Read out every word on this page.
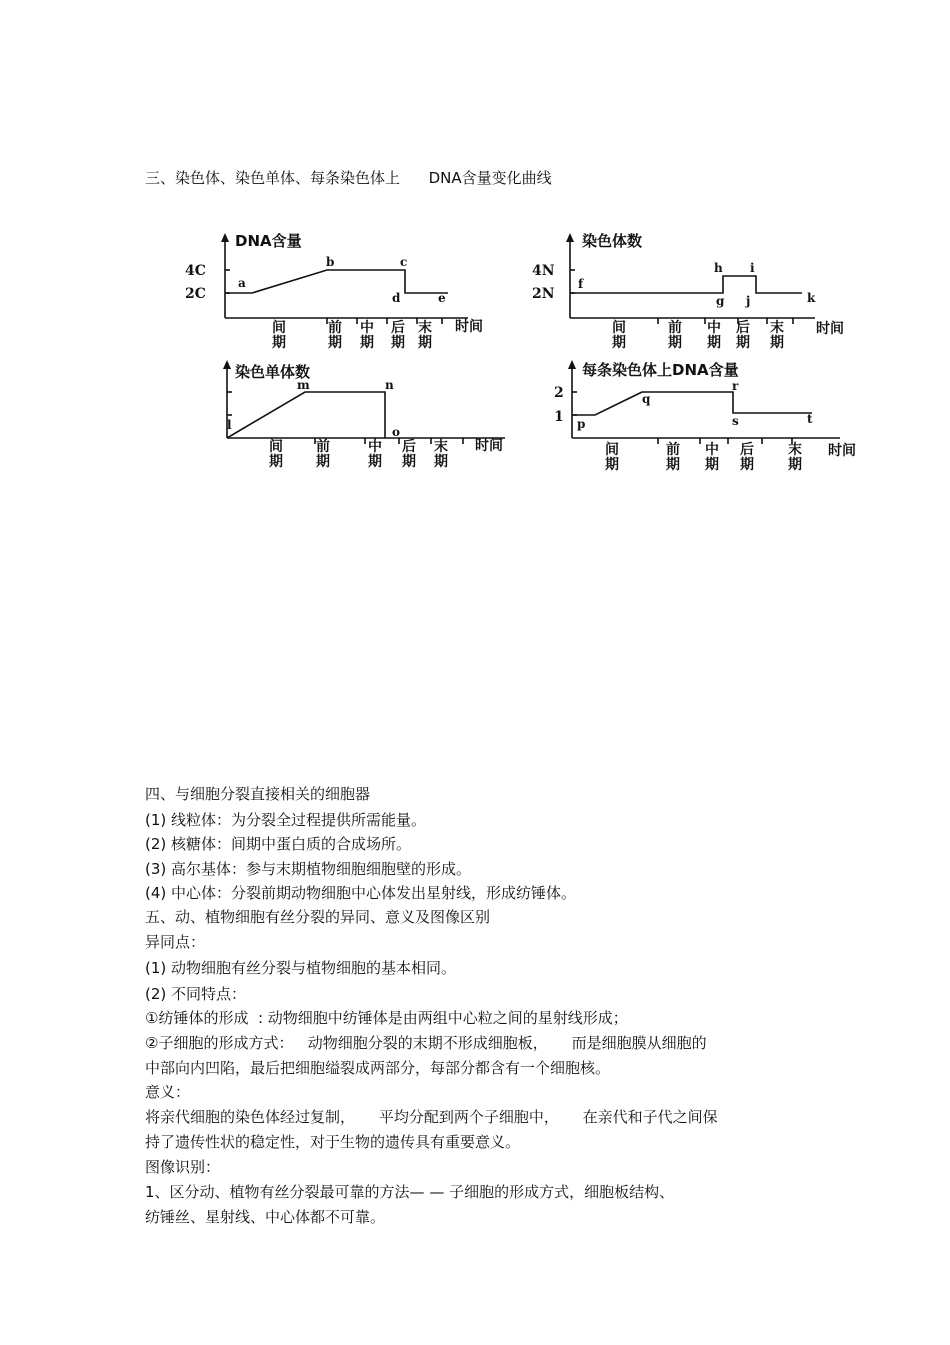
三、染色体、染色单体、每条染色体上      DNA含量变化曲线
DNA含量
4C
2C
a
b	c
d	e
间
期
前
期
中
期
后
期
末
期
时间
染色体数
4N
2N
f
g
h i
j	k
间
期
前
期
中
期
后
期
末
期
时间
染色单体数
l
m	n
o
间
期
前
期
中
期
后
期
末
期
时间
每条染色体上DNA含量
2
1 p
q
r
s	t
间
期
前
期
中
期
后
期
末
期
时间
四、与细胞分裂直接相关的细胞器
(1) 线粒体：为分裂全过程提供所需能量。
(2) 核糖体：间期中蛋白质的合成场所。
(3) 高尔基体：参与末期植物细胞细胞壁的形成。
(4) 中心体：分裂前期动物细胞中心体发出星射线，形成纺锤体。
五、动、植物细胞有丝分裂的异同、意义及图像区别
异同点：
(1) 动物细胞有丝分裂与植物细胞的基本相同。
(2) 不同特点：
①纺锤体的形成  : 动物细胞中纺锤体是由两组中心粒之间的星射线形成；
②子细胞的形成方式：   动物细胞分裂的末期不形成细胞板，     而是细胞膜从细胞的
中部向内凹陷，最后把细胞缢裂成两部分，每部分都含有一个细胞核。
意义：
将亲代细胞的染色体经过复制，     平均分配到两个子细胞中，     在亲代和子代之间保
持了遗传性状的稳定性，对于生物的遗传具有重要意义。
图像识别：
1、区分动、植物有丝分裂最可靠的方法— — 子细胞的形成方式，细胞板结构、
纺锤丝、星射线、中心体都不可靠。
